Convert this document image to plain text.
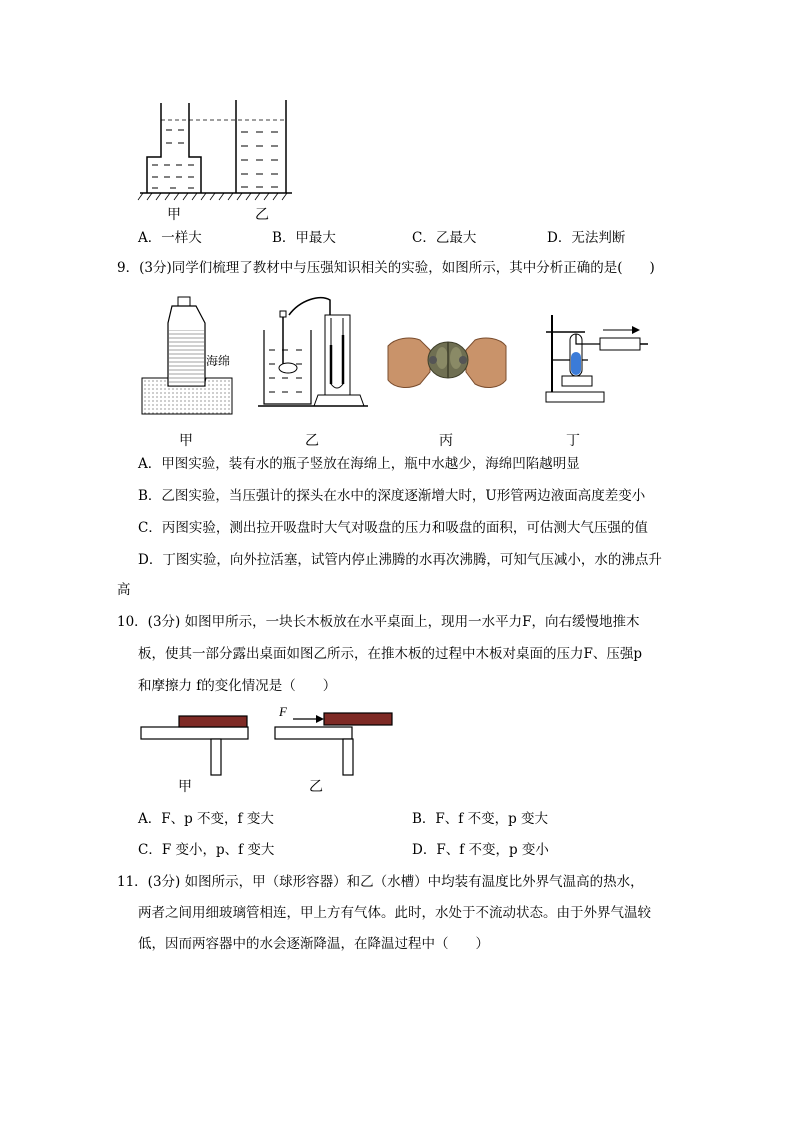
甲	乙
A．一样大	B．甲最大	C．乙最大	D．无法判断
9．(3分)同学们梳理了教材中与压强知识相关的实验，如图所示，其中分析正确的是(　　)
海绵
甲	乙	丙	丁
A．甲图实验，装有水的瓶子竖放在海绵上，瓶中水越少，海绵凹陷越明显
B．乙图实验，当压强计的探头在水中的深度逐渐增大时，U形管两边液面高度差变小
C．丙图实验，测出拉开吸盘时大气对吸盘的压力和吸盘的面积，可估测大气压强的值
D．丁图实验，向外拉活塞，试管内停止沸腾的水再次沸腾，可知气压减小，水的沸点升
高
10．(3分) 如图甲所示，一块长木板放在水平桌面上，现用一水平力F，向右缓慢地推木
板，使其一部分露出桌面如图乙所示，在推木板的过程中木板对桌面的压力F、压强p
和摩擦力 f的变化情况是（　　）
F
甲	乙
A．F、p 不变，f 变大	B．F、f 不变，p 变大
C．F 变小，p、f 变大	D．F、f 不变，p 变小
11．(3分) 如图所示，甲（球形容器）和乙（水槽）中均装有温度比外界气温高的热水，
两者之间用细玻璃管相连，甲上方有气体。此时，水处于不流动状态。由于外界气温较
低，因而两容器中的水会逐渐降温，在降温过程中（　　）
